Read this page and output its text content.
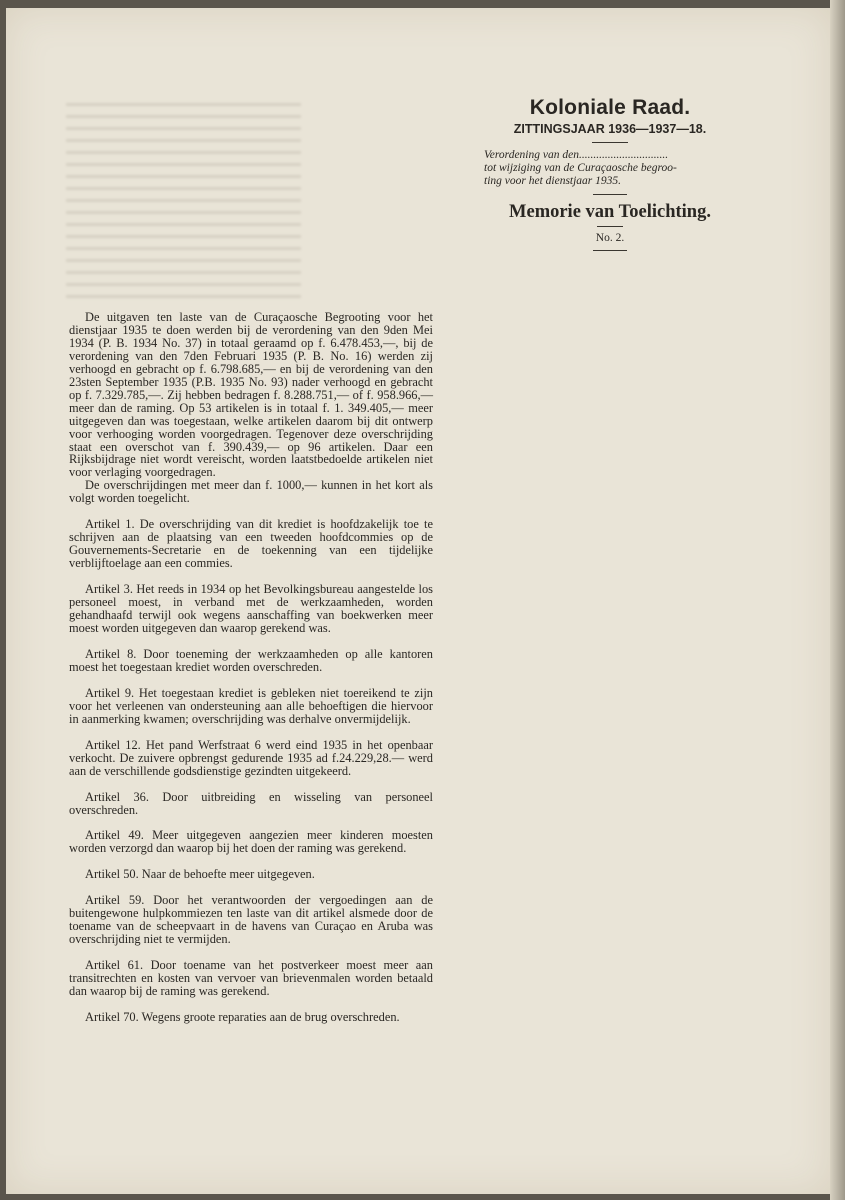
Koloniale Raad.
ZITTINGSJAAR 1936—1937—18.
Verordening van den...............................
tot wijziging van de Curaçaosche begroo-
ting voor het dienstjaar 1935.
Memorie van Toelichting.
No. 2.

De uitgaven ten laste van de Curaçaosche Begrooting voor het dienstjaar 1935 te doen werden bij de verordening van den 9den Mei 1934 (P. B. 1934 No. 37) in totaal geraamd op f. 6.478.453,—, bij de verordening van den 7den Februari 1935 (P. B. No. 16) werden zij verhoogd en gebracht op f. 6.798.685,— en bij de verordening van den 23sten September 1935 (P.B. 1935 No. 93) nader verhoogd en gebracht op f. 7.329.785,—. Zij hebben bedragen f. 8.288.751,— of f. 958.966,— meer dan de raming. Op 53 artikelen is in totaal f. 1. 349.405,— meer uitgegeven dan was toegestaan, welke artikelen daarom bij dit ontwerp voor verhooging worden voorgedragen. Tegenover deze overschrijding staat een overschot van f. 390.439,— op 96 artikelen. Daar een Rijksbijdrage niet wordt vereischt, worden laatstbedoelde artikelen niet voor verlaging voorgedragen.

De overschrijdingen met meer dan f. 1000,— kunnen in het kort als volgt worden toegelicht.

Artikel 1. De overschrijding van dit krediet is hoofdzakelijk toe te schrijven aan de plaatsing van een tweeden hoofdcommies op de Gouvernements-Secretarie en de toekenning van een tijdelijke verblijftoelage aan een commies.

Artikel 3. Het reeds in 1934 op het Bevolkingsbureau aangestelde los personeel moest, in verband met de werkzaamheden, worden gehandhaafd terwijl ook wegens aanschaffing van boekwerken meer moest worden uitgegeven dan waarop gerekend was.

Artikel 8. Door toeneming der werkzaamheden op alle kantoren moest het toegestaan krediet worden overschreden.

Artikel 9. Het toegestaan krediet is gebleken niet toereikend te zijn voor het verleenen van ondersteuning aan alle behoeftigen die hiervoor in aanmerking kwamen; overschrijding was derhalve onvermijdelijk.

Artikel 12. Het pand Werfstraat 6 werd eind 1935 in het openbaar verkocht. De zuivere opbrengst gedurende 1935 ad f.24.229,28.— werd aan de verschillende godsdienstige gezindten uitgekeerd.

Artikel 36. Door uitbreiding en wisseling van personeel overschreden.

Artikel 49. Meer uitgegeven aangezien meer kinderen moesten worden verzorgd dan waarop bij het doen der raming was gerekend.

Artikel 50. Naar de behoefte meer uitgegeven.

Artikel 59. Door het verantwoorden der vergoedingen aan de buitengewone hulpkommiezen ten laste van dit artikel alsmede door de toename van de scheepvaart in de havens van Curaçao en Aruba was overschrijding niet te vermijden.

Artikel 61. Door toename van het postverkeer moest meer aan transitrechten en kosten van vervoer van brievenmalen worden betaald dan waarop bij de raming was gerekend.

Artikel 70. Wegens groote reparaties aan de brug overschreden.
